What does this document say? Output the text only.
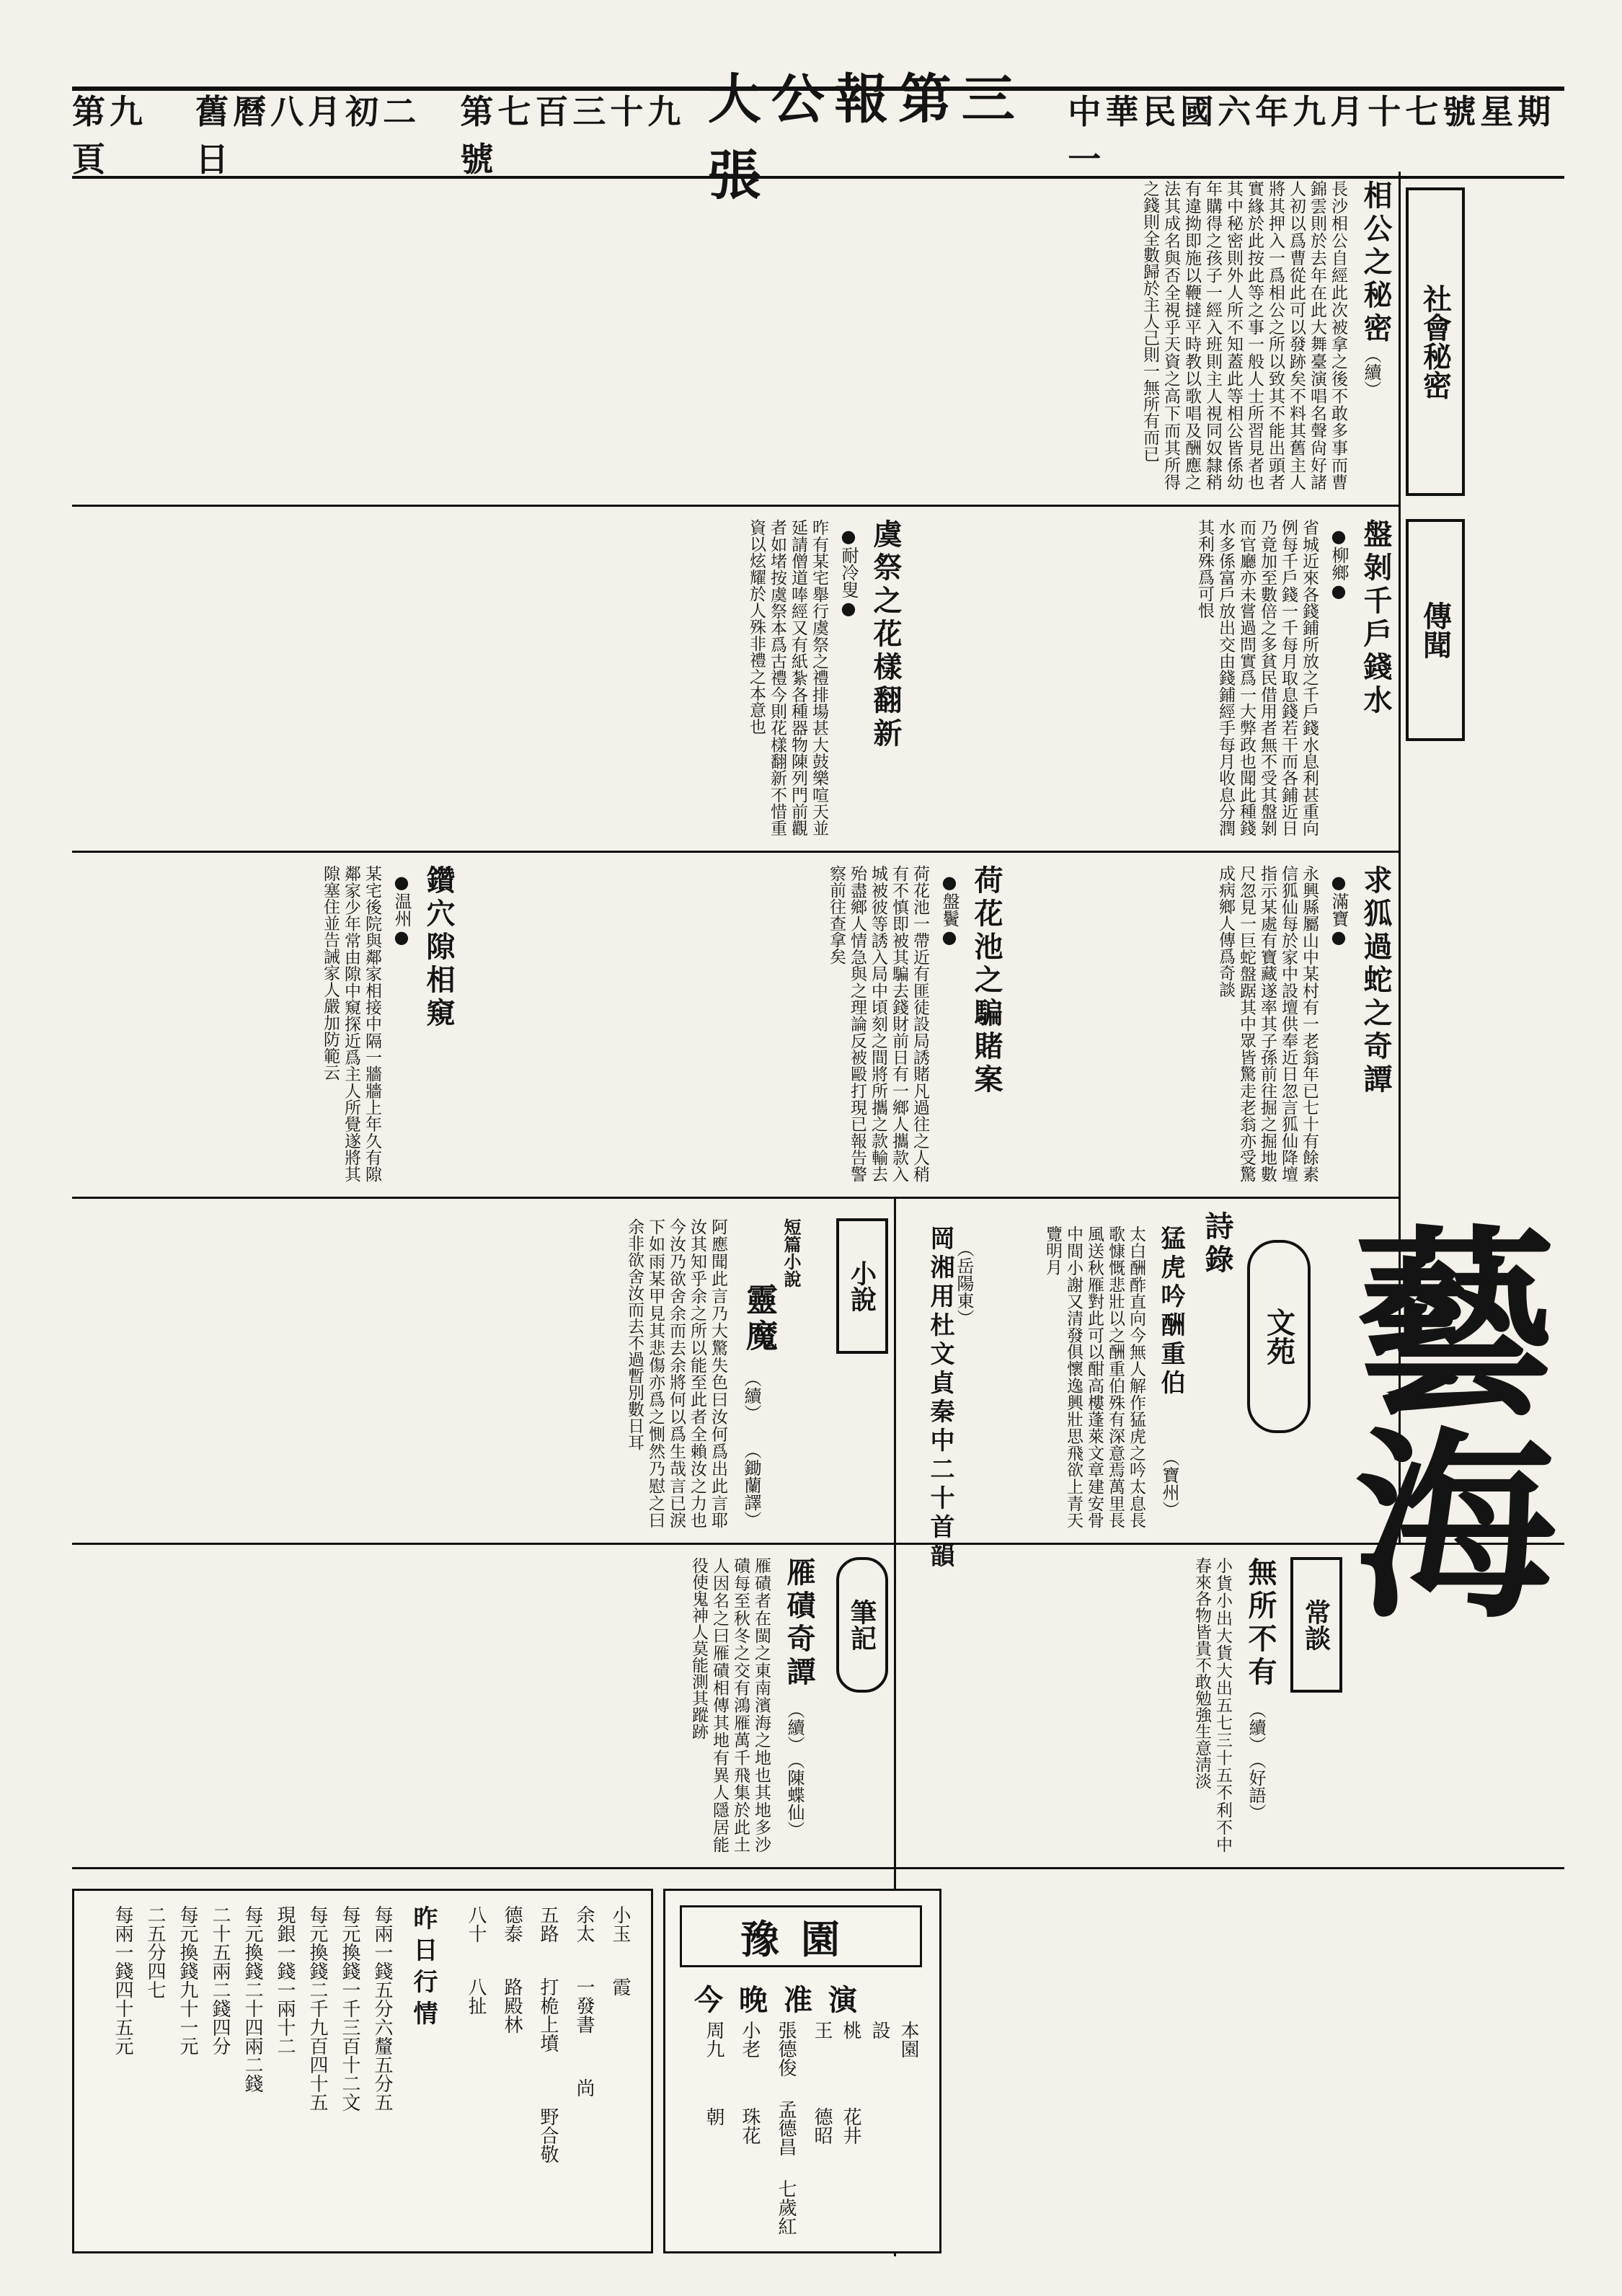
第九頁
舊曆八月初二日
第七百三十九號
大公報第三張
中華民國六年九月十七號星期一
社會秘密
傳聞
相公之秘密
（續）
長沙相公自經此次被拿之後不敢多事而曹錦雲則於去年在此大舞臺演唱名聲尙好諸人初以爲曹從此可以發跡矣不料其舊主人將其押入一爲相公之所以致其不能出頭者實緣於此按此等之事一般人士所習見者也其中秘密則外人所不知蓋此等相公皆係幼年購得之孩子一經入班則主人視同奴隸稍有違拗即施以鞭撻平時教以歌唱及酬應之法其成名與否全視乎天資之高下而其所得之錢則全數歸於主人己則一無所有而已
盤剝千戶錢水
●柳鄉●
省城近來各錢鋪所放之千戶錢水息利甚重向例每千戶錢一千每月取息錢若干而各鋪近日乃竟加至數倍之多貧民借用者無不受其盤剝而官廳亦未嘗過問實爲一大弊政也聞此種錢水多係富戶放出交由錢鋪經手每月收息分潤其利殊爲可恨
虞祭之花樣翻新
●耐冷叟●
昨有某宅舉行虞祭之禮排場甚大鼓樂喧天並延請僧道唪經又有紙紮各種器物陳列門前觀者如堵按虞祭本爲古禮今則花樣翻新不惜重資以炫耀於人殊非禮之本意也
求狐過蛇之奇譚
●滿寶●
永興縣屬山中某村有一老翁年已七十有餘素信狐仙每於家中設壇供奉近日忽言狐仙降壇指示某處有寶藏遂率其子孫前往掘之掘地數尺忽見一巨蛇盤踞其中眾皆驚走老翁亦受驚成病鄉人傳爲奇談
荷花池之騙賭案
●盤鬢●
荷花池一帶近有匪徒設局誘賭凡過往之人稍有不慎即被其騙去錢財前日有一鄉人攜款入城被彼等誘入局中頃刻之間將所攜之款輸去殆盡鄉人情急與之理論反被毆打現已報告警察前往查拿矣
鑽穴隙相窺
●温州●
某宅後院與鄰家相接中隔一牆牆上年久有隙鄰家少年常由隙中窺探近爲主人所覺遂將其隙塞住並告誡家人嚴加防範云
藝海
文苑
詩錄
猛虎吟酬重伯
（寶州）
岡湘用杜文貞秦中二十首韻 （岳陽東）	太白酬酢直向今無人解作猛虎之吟太息長歌慷慨悲壯以之酬重伯殊有深意焉萬里長風送秋雁對此可以酣高樓蓬萊文章建安骨中間小謝又清發俱懷逸興壯思飛欲上青天覽明月
小說
短篇小說
靈魔
（續）
（鋤蘭譯）
阿應聞此言乃大驚失色曰汝何爲出此言耶汝其知乎余之所以能至此者全賴汝之力也今汝乃欲舍余而去余將何以爲生哉言已淚下如雨某甲見其悲傷亦爲之惻然乃慰之曰余非欲舍汝而去不過暫別數日耳
筆記
雁磧奇譚
（續）
（陳蝶仙）
雁磧者在閩之東南濱海之地也其地多沙磧每至秋冬之交有鴻雁萬千飛集於此土人因名之曰雁磧相傳其地有異人隱居能役使鬼神人莫能測其蹤跡	常談
無所不有
（續）
（好語）
小貨小出大貨大出五七三十五不利不中春來各物皆貴不敢勉強生意淸淡
豫園
今晚准演
本園
設
桃
花井
王
德昭
張德俊
孟德昌
七歲紅
小老
珠花
周九
朝
小玉
霞
余太
一發書
尚
五路
打桅上墳
野合敬
德泰
路殿林
八十
八扯
昨日行情
每兩一錢五分六釐五分五
每元換錢一千三百十二文
每元換錢二千九百四十五
現銀一錢一兩十二
每元換錢二十四兩二錢
二十五兩二錢四分
每元換錢九十一元
二五分四七
每兩一錢四十五元
